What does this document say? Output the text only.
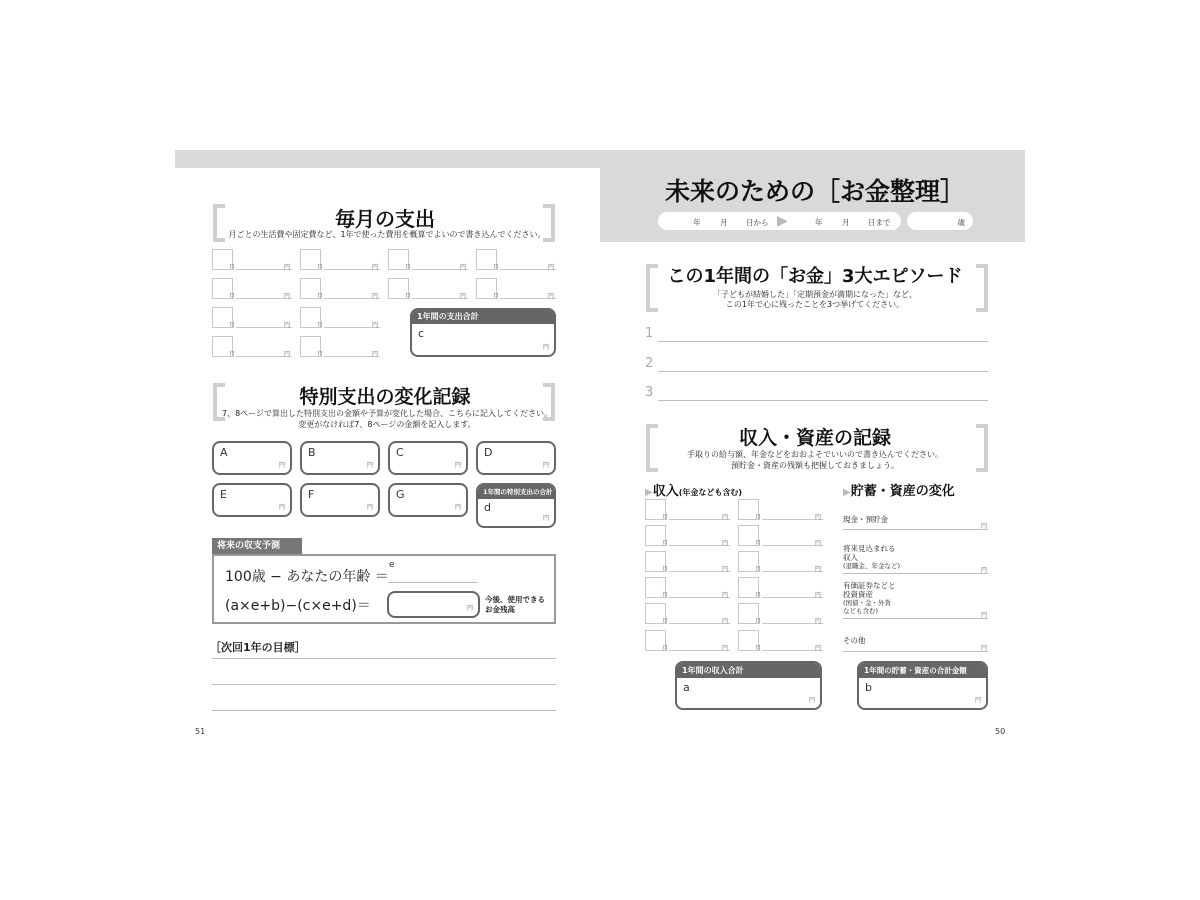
毎月の支出
月ごとの生活費や固定費など、1年で使った費用を概算でよいので書き込んでください。
月	円	月	円	月	円	月	円
月	円	月	円	月	円	月	円
月	円	月	円
月	円	月	円
1年間の支出合計
c
円
特別支出の変化記録
7、8ページで算出した特別支出の金額や予算が変化した場合、こちらに記入してください。
変更がなければ7、8ページの金額を記入します。
A
円
B
円
C
円
D
円
E
円
F
円
G
円
1年間の特別支出の合計
d
円
将来の収支予測
100歳 − あなたの年齢 ＝
e
(a×e+b)−(c×e+d)＝	円
今後、使用できる
お金残高
［次回1年の目標］
51
未来のための［お金整理］
年	月 日から ▶	年	月 日まで	歳
この1年間の「お金」3大エピソード
「子どもが結婚した」「定期預金が満期になった」など、
この1年で心に残ったことを3つ挙げてください。
1
2
3
収入・資産の記録
手取りの給与額、年金などをおおよそでいいので書き込んでください。
預貯金・資産の残額も把握しておきましょう。
▶収入(年金なども含む)	▶貯蓄・資産の変化
月	円	月	円
月	円	月	円
月	円	月	円
月	円	月	円
月	円	月	円
月	円	月	円
現金・預貯金
円
将来見込まれる
収入
(退職金、年金など)
円
有価証券などと
投資資産
(国債・金・外貨
なども含む)
円
その他
円
1年間の収入合計
a
円
1年間の貯蓄・資産の合計金額
b
円
50
